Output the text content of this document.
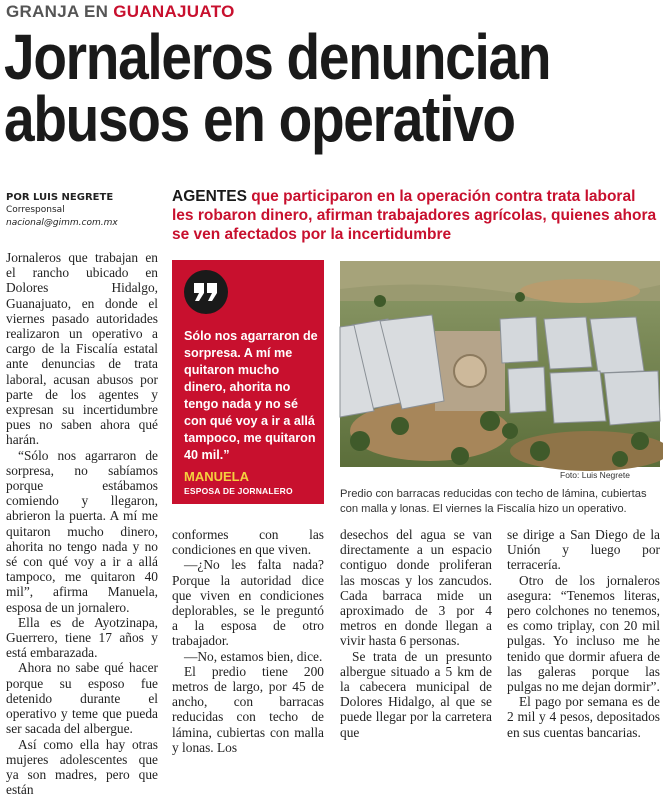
GRANJA EN GUANAJUATO
Jornaleros denuncian
abusos en operativo
POR LUIS NEGRETE
Corresponsal
nacional@gimm.com.mx
AGENTES que participaron en la operación contra trata laboral les robaron dinero, afirman trabajadores agrícolas, quienes ahora se ven afectados por la incertidumbre

Jornaleros que trabajan en el rancho ubicado en Dolores Hidalgo, Guanajuato, en donde el viernes pasado autoridades realizaron un operativo a cargo de la Fiscalía estatal ante denuncias de trata laboral, acusan abusos por parte de los agentes y expresan su incertidumbre pues no saben ahora qué harán.

“Sólo nos agarraron de sorpresa, no sabíamos porque estábamos comiendo y llegaron, abrieron la puerta. A mí me quitaron mucho dinero, ahorita no tengo nada y no sé con qué voy a ir a allá tampoco, me quitaron 40 mil”, afirma Manuela, esposa de un jornalero.

Ella es de Ayotzinapa, Guerrero, tiene 17 años y está embarazada.

Ahora no sabe qué hacer porque su esposo fue detenido durante el operativo y teme que pueda ser sacada del albergue.

Así como ella hay otras mujeres adolescentes que ya son madres, pero que están

Sólo nos agarraron de sorpresa. A mí me quitaron mucho dinero, ahorita no tengo nada y no sé con qué voy a ir a allá tampoco, me quitaron 40 mil.”
MANUELA
ESPOSA DE JORNALERO
Foto: Luis Negrete
Predio con barracas reducidas con techo de lámina, cubiertas con malla y lonas. El viernes la Fiscalía hizo un operativo.

conformes con las condiciones en que viven.

—¿No les falta nada? Porque la autoridad dice que viven en condiciones deplorables, se le preguntó a la esposa de otro trabajador.

—No, estamos bien, dice.

El predio tiene 200 metros de largo, por 45 de ancho, con barracas reducidas con techo de lámina, cubiertas con malla y lonas. Los

desechos del agua se van directamente a un espacio contiguo donde proliferan las moscas y los zancudos. Cada barraca mide un aproximado de 3 por 4 metros en donde llegan a vivir hasta 6 personas.

Se trata de un presunto albergue situado a 5 km de la cabecera municipal de Dolores Hidalgo, al que se puede llegar por la carretera que

se dirige a San Diego de la Unión y luego por terracería.

Otro de los jornaleros asegura: “Tenemos literas, pero colchones no tenemos, es como triplay, con 20 mil pulgas. Yo incluso me he tenido que dormir afuera de las galeras porque las pulgas no me dejan dormir”.

El pago por semana es de 2 mil y 4 pesos, depositados en sus cuentas bancarias.
